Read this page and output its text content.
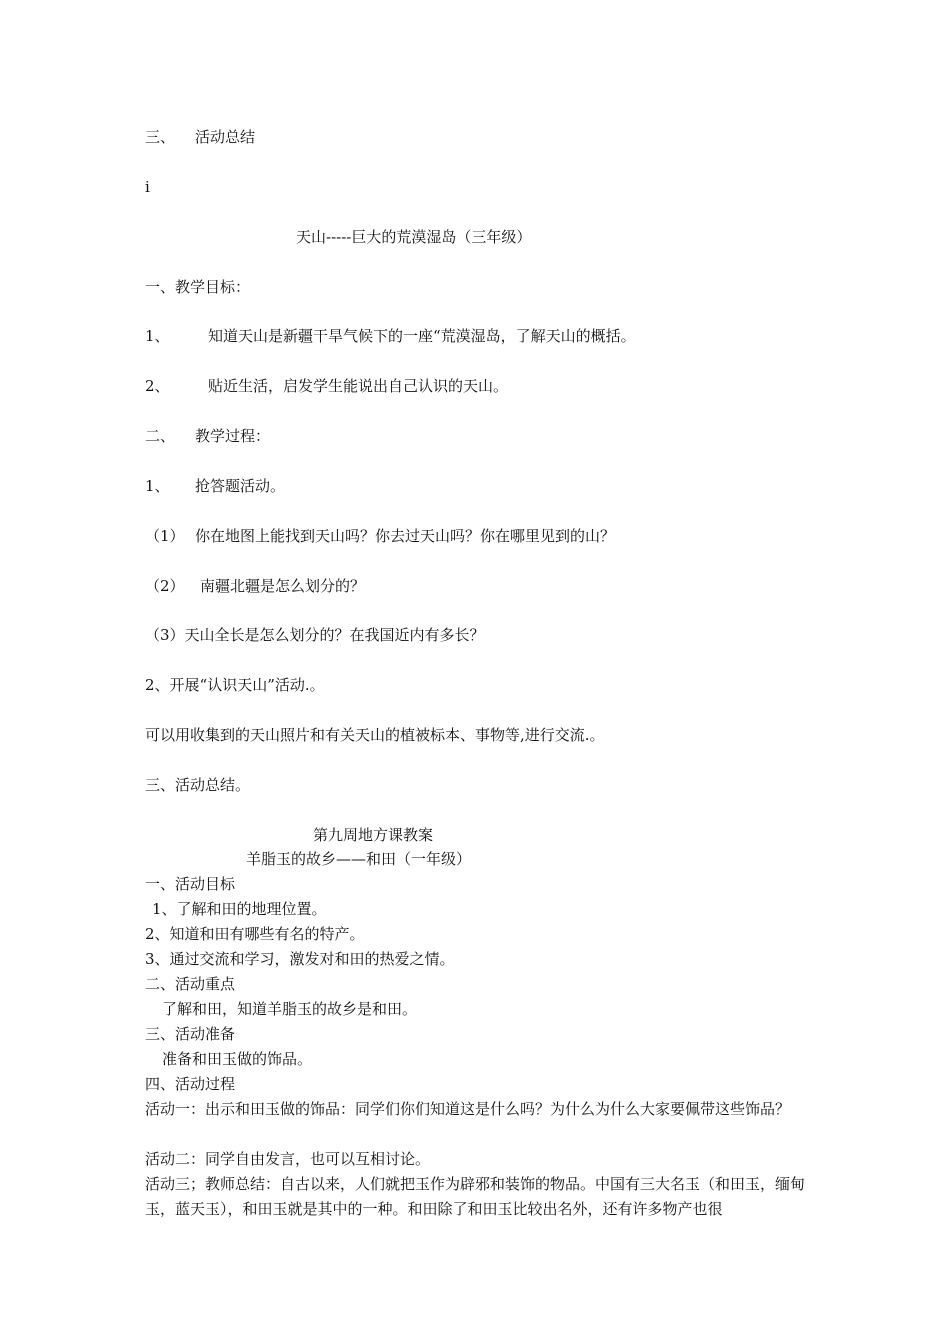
三、 活动总结
i
天山-----巨大的荒漠湿岛（三年级）
一、教学目标：
1、	知道天山是新疆干旱气候下的一座“荒漠湿岛，了解天山的概括。
2、	贴近生活，启发学生能说出自己认识的天山。
二、 教学过程：
1、 抢答题活动。
（1） 你在地图上能找到天山吗？你去过天山吗？你在哪里见到的山？
（2） 南疆北疆是怎么划分的？
（3）天山全长是怎么划分的？在我国近内有多长？
2、开展“认识天山”活动.。
可以用收集到的天山照片和有关天山的植被标本、事物等,进行交流.。
三、活动总结。
第九周地方课教案
羊脂玉的故乡——和田（一年级）
一、活动目标
1、了解和田的地理位置。
2、知道和田有哪些有名的特产。
3、通过交流和学习，激发对和田的热爱之情。
二、活动重点
了解和田，知道羊脂玉的故乡是和田。
三、活动准备
准备和田玉做的饰品。
四、活动过程
活动一：出示和田玉做的饰品：同学们你们知道这是什么吗？为什么为什么大家要佩带这些饰品？
活动二：同学自由发言，也可以互相讨论。
活动三；教师总结：自古以来，人们就把玉作为辟邪和装饰的物品。中国有三大名玉（和田玉，缅甸玉，蓝天玉），和田玉就是其中的一种。和田除了和田玉比较出名外，还有许多物产也很
